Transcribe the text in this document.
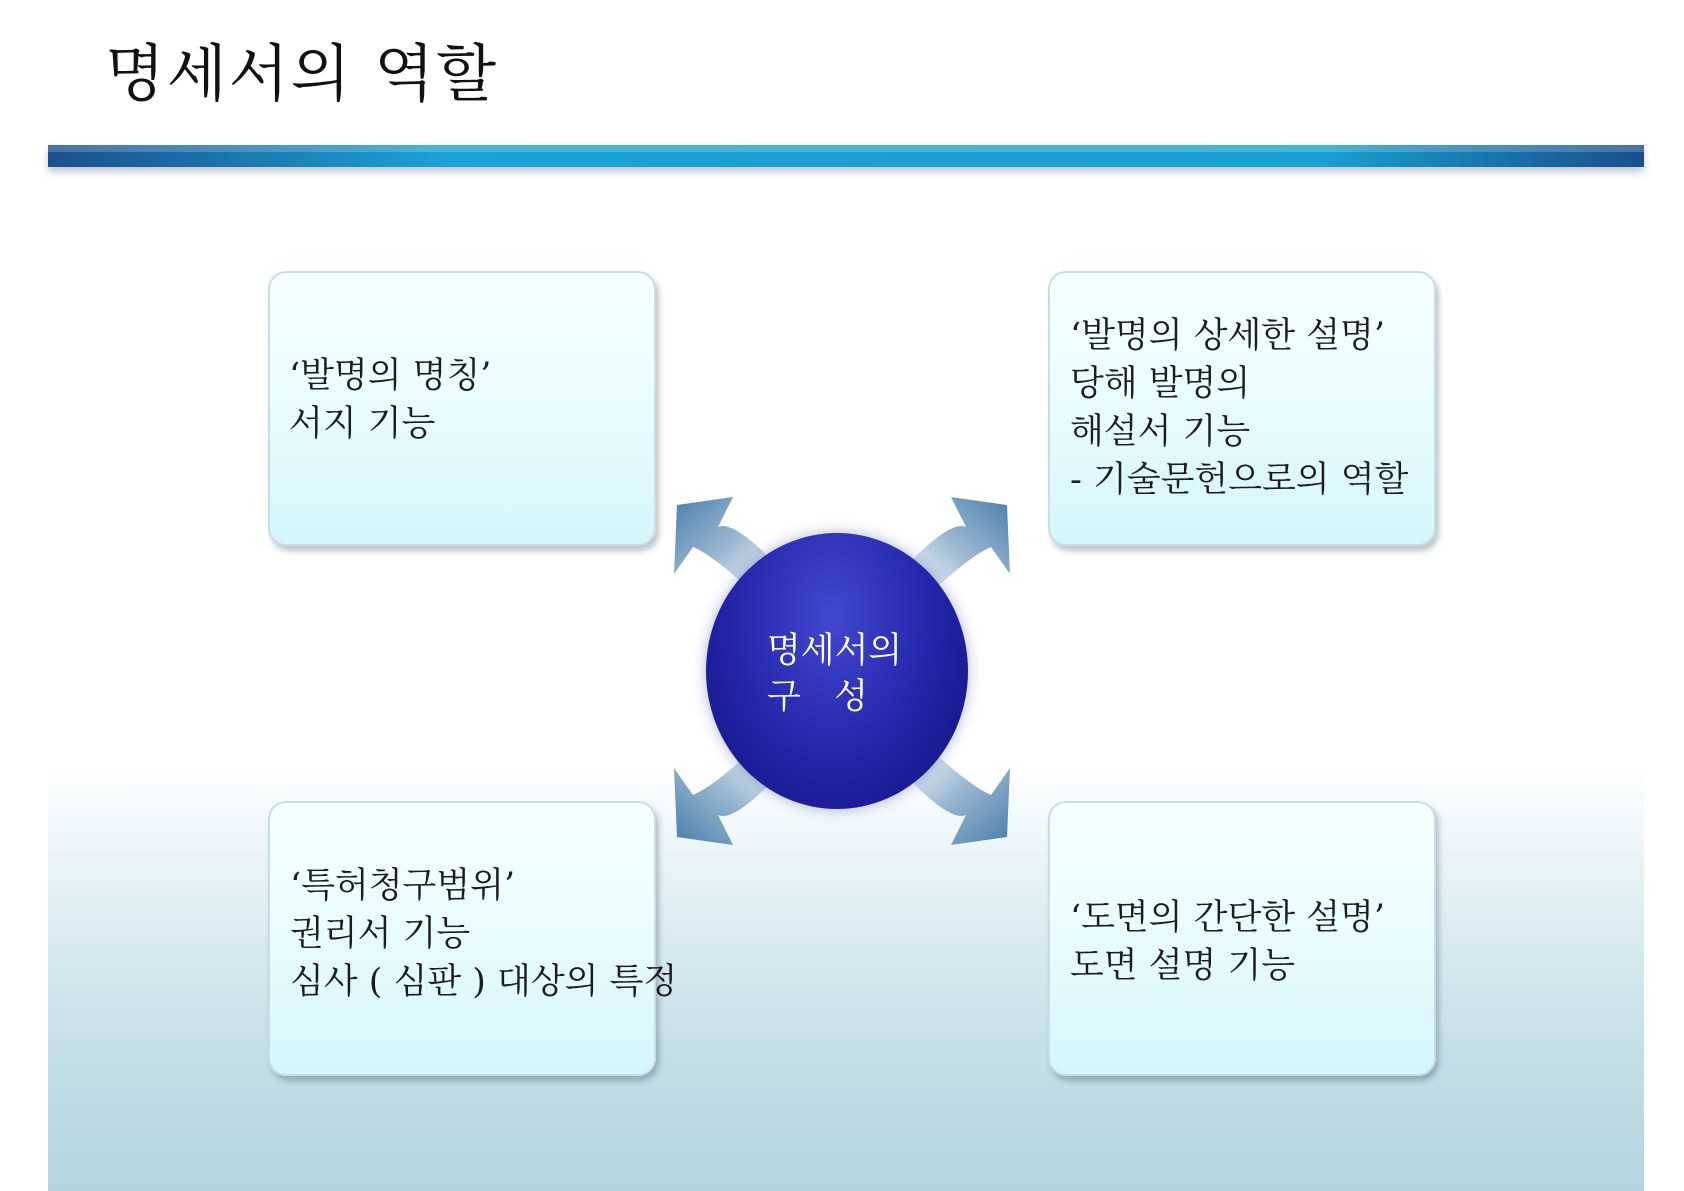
명세서의 역할
명세서의
구   성
‘발명의 명칭’
서지 기능
‘발명의 상세한 설명’
당해 발명의
해설서 기능
- 기술문헌으로의 역할
‘특허청구범위’
권리서 기능
심사 ( 심판 ) 대상의 특정
‘도면의 간단한 설명’
도면 설명 기능
